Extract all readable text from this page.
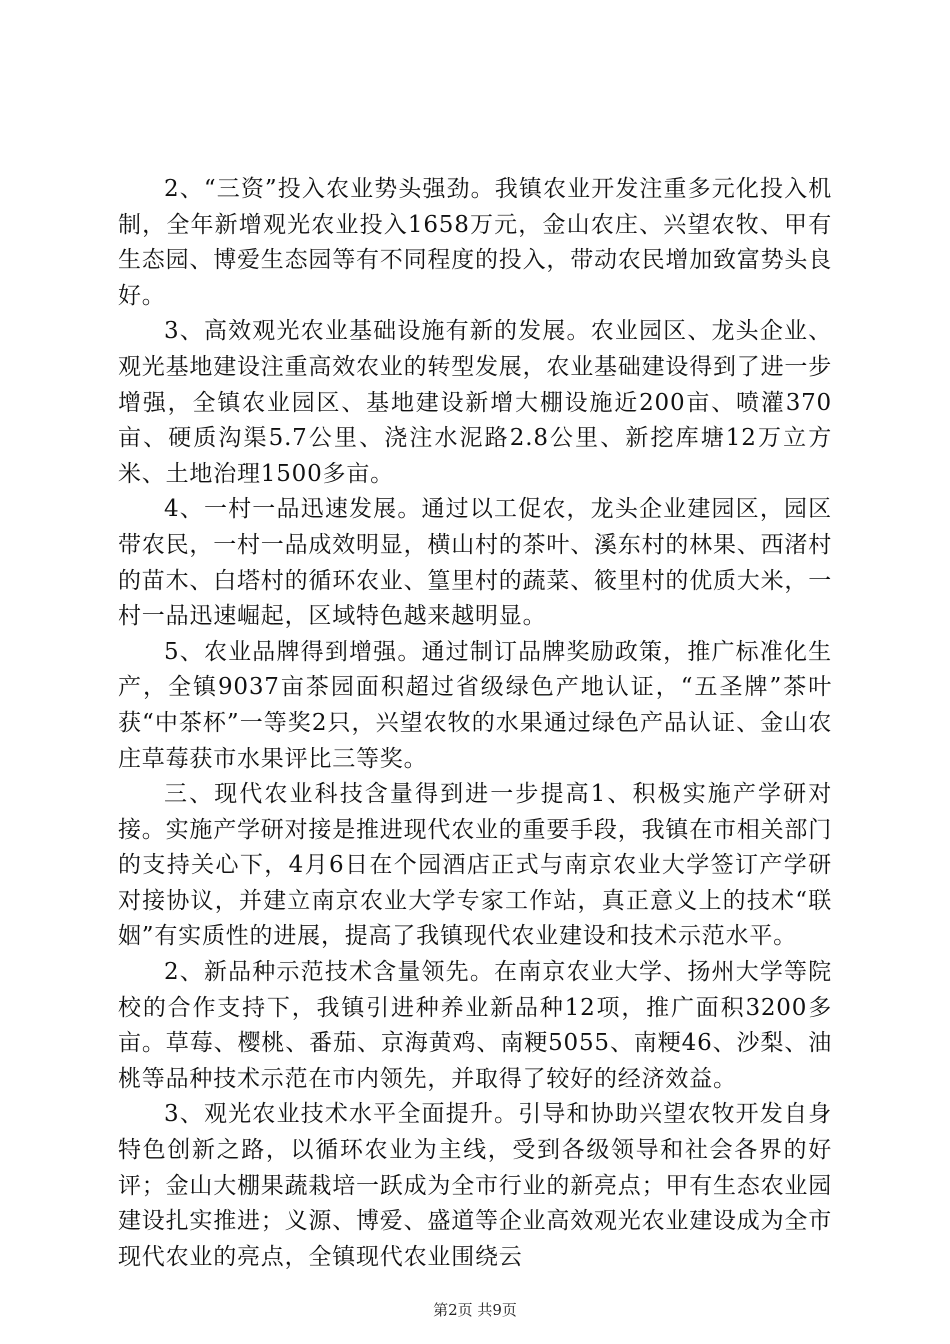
2、“三资”投入农业势头强劲。我镇农业开发注重多元化投入机制，全年新增观光农业投入1658万元，金山农庄、兴望农牧、甲有生态园、博爱生态园等有不同程度的投入，带动农民增加致富势头良好。

3、高效观光农业基础设施有新的发展。农业园区、龙头企业、观光基地建设注重高效农业的转型发展，农业基础建设得到了进一步增强，全镇农业园区、基地建设新增大棚设施近200亩、喷灌370亩、硬质沟渠5.7公里、浇注水泥路2.8公里、新挖库塘12万立方米、土地治理1500多亩。

4、一村一品迅速发展。通过以工促农，龙头企业建园区，园区带农民，一村一品成效明显，横山村的茶叶、溪东村的林果、西渚村的苗木、白塔村的循环农业、篁里村的蔬菜、筱里村的优质大米，一村一品迅速崛起，区域特色越来越明显。

5、农业品牌得到增强。通过制订品牌奖励政策，推广标准化生产，全镇9037亩茶园面积超过省级绿色产地认证，“五圣牌”茶叶获“中茶杯”一等奖2只，兴望农牧的水果通过绿色产品认证、金山农庄草莓获市水果评比三等奖。

三、现代农业科技含量得到进一步提高1、积极实施产学研对接。实施产学研对接是推进现代农业的重要手段，我镇在市相关部门的支持关心下，4月6日在个园酒店正式与南京农业大学签订产学研对接协议，并建立南京农业大学专家工作站，真正意义上的技术“联姻”有实质性的进展，提高了我镇现代农业建设和技术示范水平。

2、新品种示范技术含量领先。在南京农业大学、扬州大学等院校的合作支持下，我镇引进种养业新品种12项，推广面积3200多亩。草莓、樱桃、番茄、京海黄鸡、南粳5055、南粳46、沙梨、油桃等品种技术示范在市内领先，并取得了较好的经济效益。

3、观光农业技术水平全面提升。引导和协助兴望农牧开发自身特色创新之路，以循环农业为主线，受到各级领导和社会各界的好评；金山大棚果蔬栽培一跃成为全市行业的新亮点；甲有生态农业园建设扎实推进；义源、博爱、盛道等企业高效观光农业建设成为全市现代农业的亮点，全镇现代农业围绕云

第2页 共9页
